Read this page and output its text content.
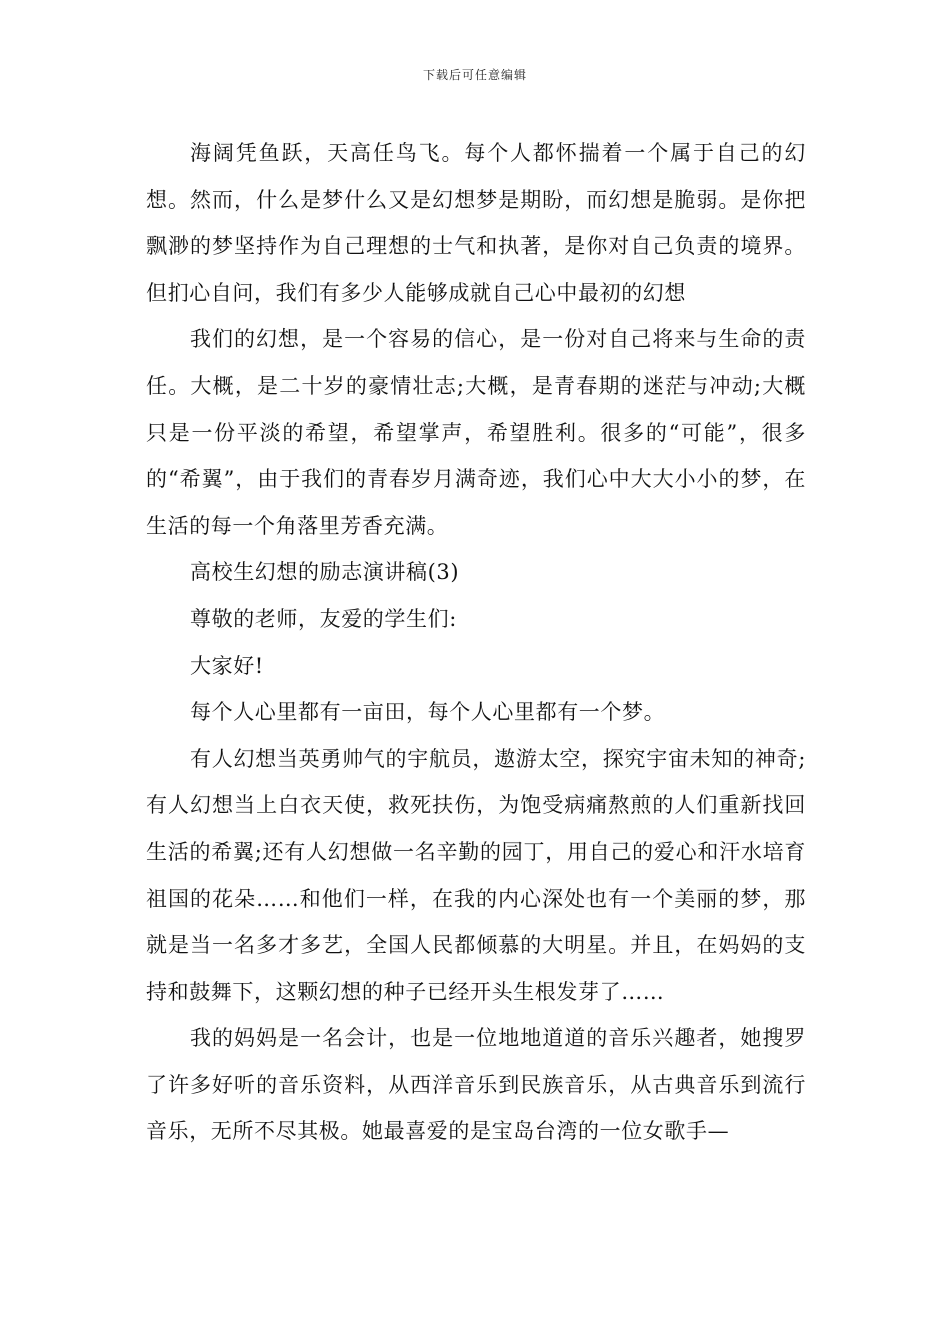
下载后可任意编辑

海阔凭鱼跃，天高任鸟飞。每个人都怀揣着一个属于自己的幻想。然而，什么是梦什么又是幻想梦是期盼，而幻想是脆弱。是你把飘渺的梦坚持作为自己理想的士气和执著，是你对自己负责的境界。但扪心自问，我们有多少人能够成就自己心中最初的幻想

我们的幻想，是一个容易的信心，是一份对自己将来与生命的责任。大概，是二十岁的豪情壮志;大概，是青春期的迷茫与冲动;大概只是一份平淡的希望，希望掌声，希望胜利。很多的“可能”，很多的“希翼”，由于我们的青春岁月满奇迹，我们心中大大小小的梦，在生活的每一个角落里芳香充满。

高校生幻想的励志演讲稿(3)

尊敬的老师，友爱的学生们:

大家好!

每个人心里都有一亩田，每个人心里都有一个梦。

有人幻想当英勇帅气的宇航员，遨游太空，探究宇宙未知的神奇;有人幻想当上白衣天使，救死扶伤，为饱受病痛熬煎的人们重新找回生活的希翼;还有人幻想做一名辛勤的园丁，用自己的爱心和汗水培育祖国的花朵……和他们一样，在我的内心深处也有一个美丽的梦，那就是当一名多才多艺，全国人民都倾慕的大明星。并且，在妈妈的支持和鼓舞下，这颗幻想的种子已经开头生根发芽了……

我的妈妈是一名会计，也是一位地地道道的音乐兴趣者，她搜罗了许多好听的音乐资料，从西洋音乐到民族音乐，从古典音乐到流行音乐，无所不尽其极。她最喜爱的是宝岛台湾的一位女歌手—
